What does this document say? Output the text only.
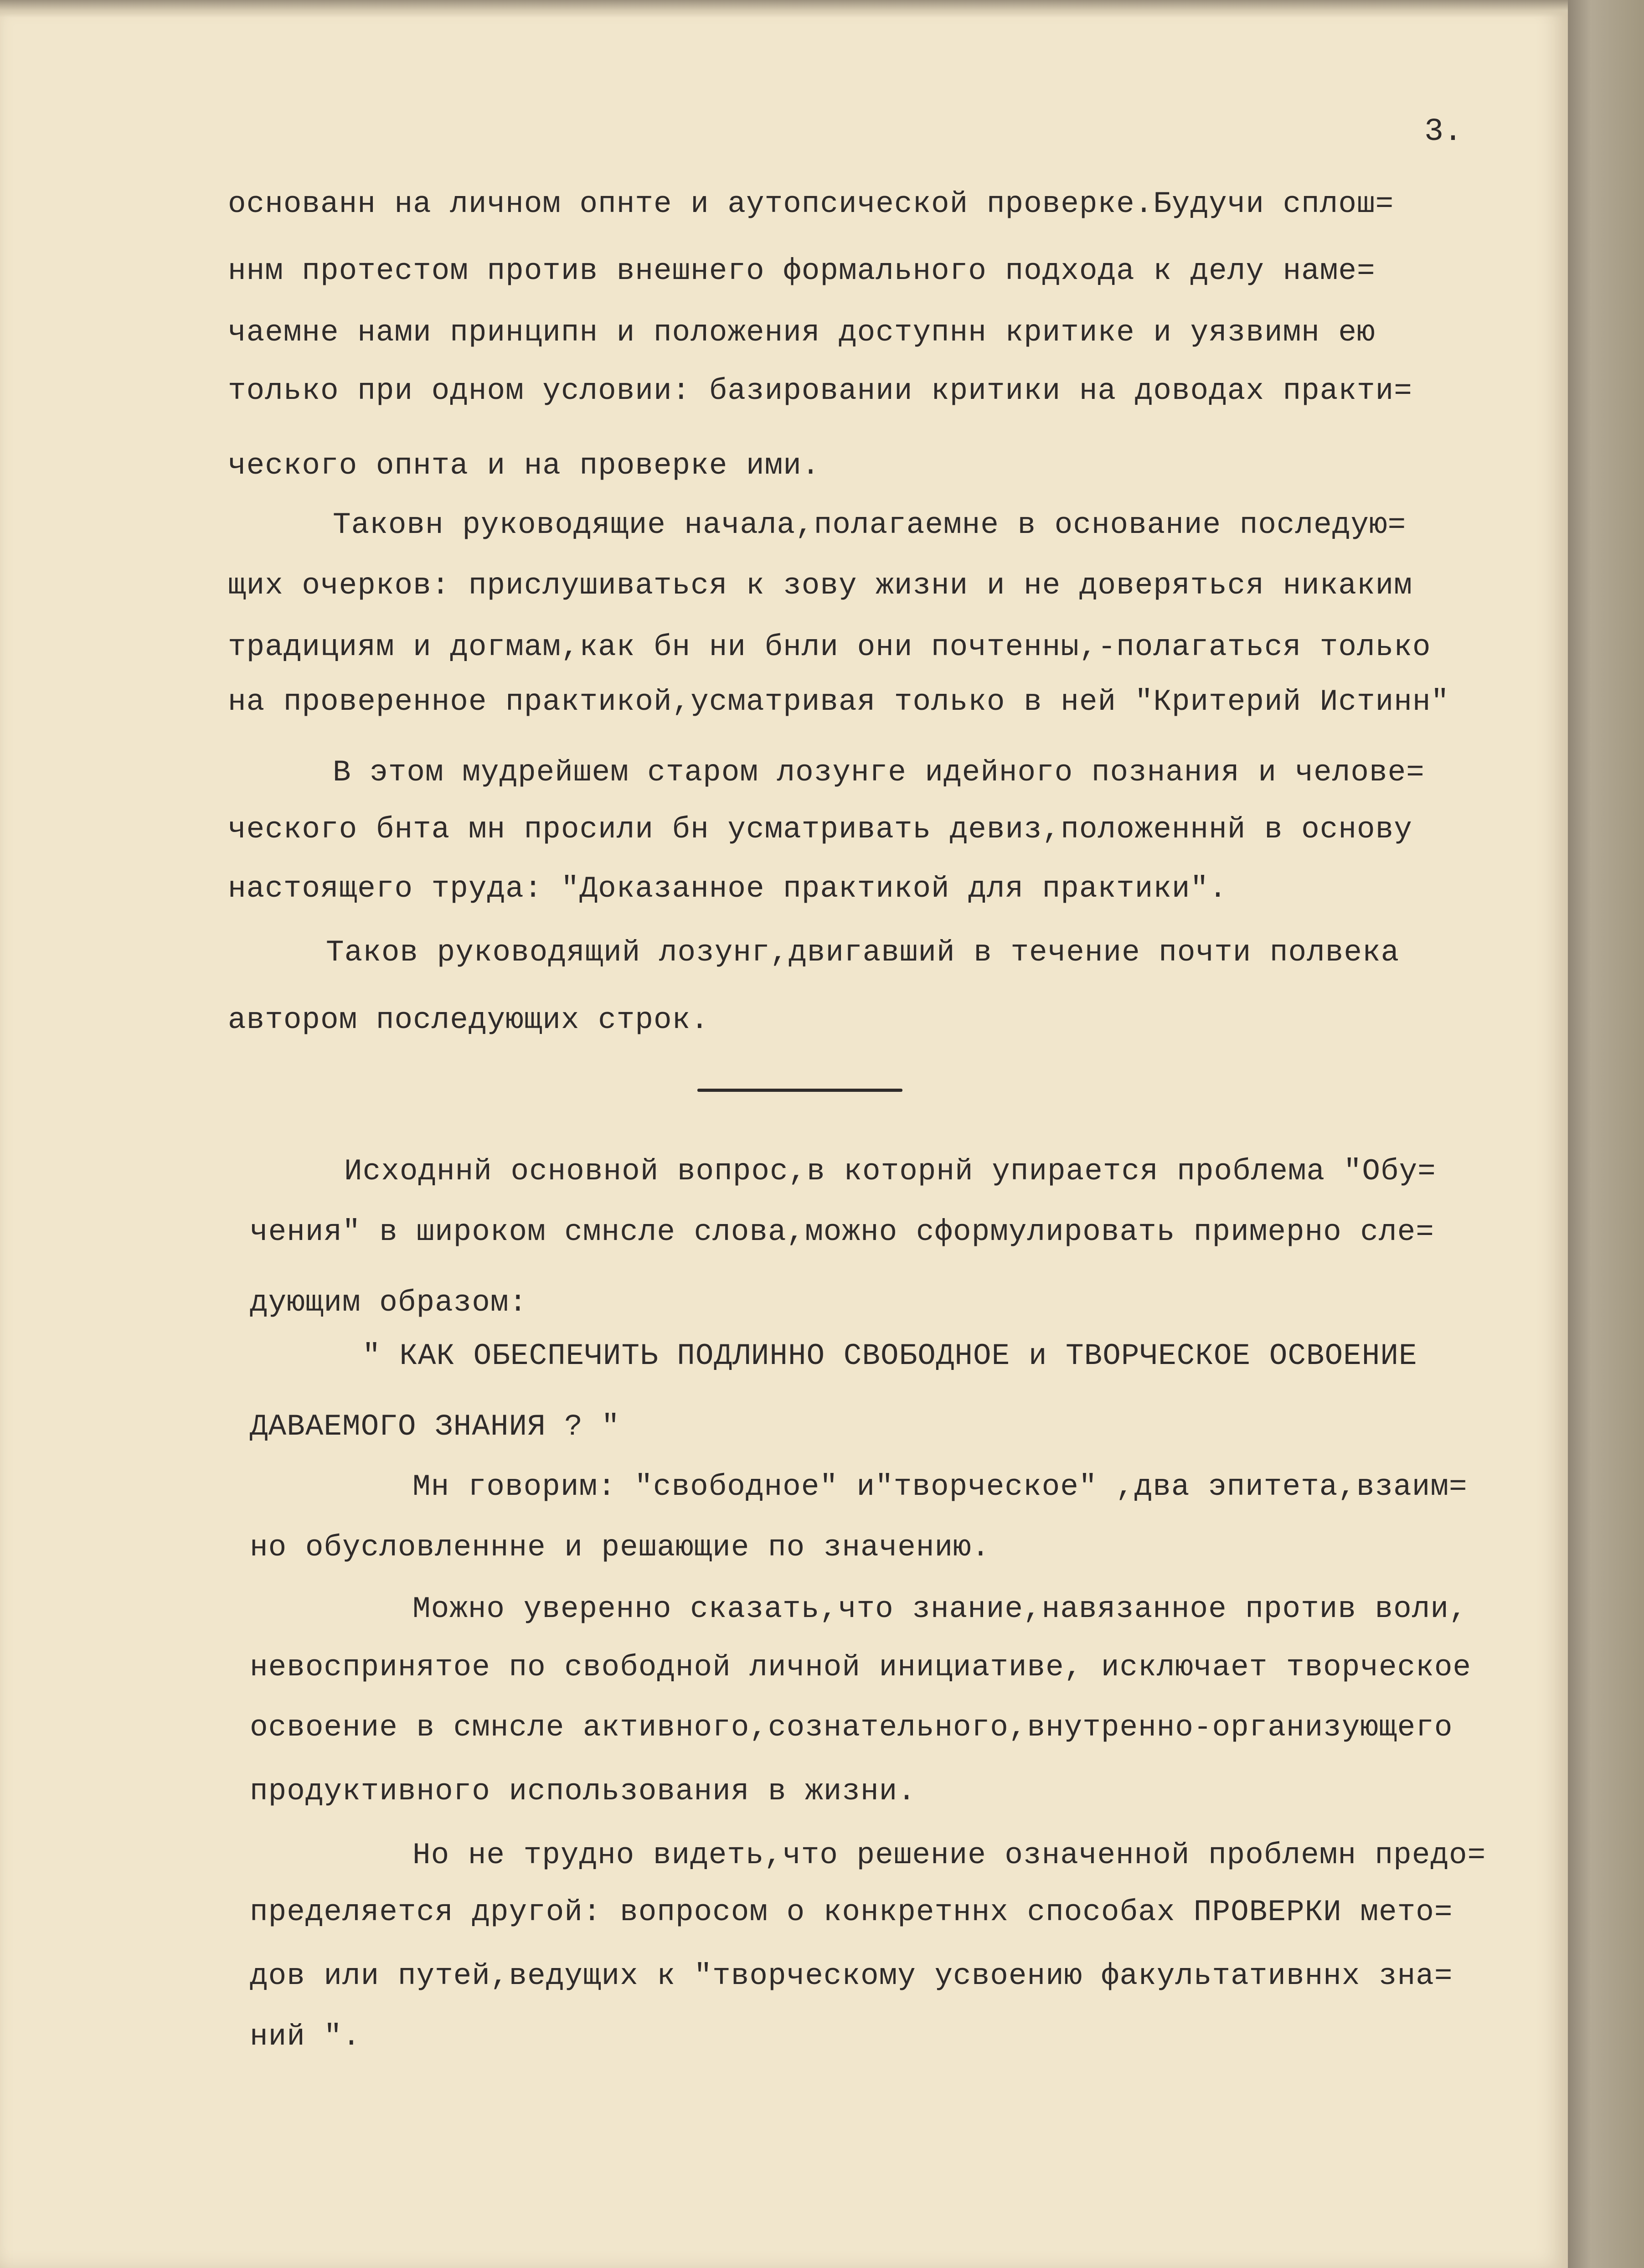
3.
основанн на личном опнте и аутопсической проверке.Будучи сплош=
ннм протестом против внешнего формального подхода к делу наме=
чаемне нами принципн и положения доступнн критике и уязвимн ею
только при одном условии: базировании критики на доводах практи=
ческого опнта и на проверке ими.
Таковн руководящие начала,полагаемне в основание последую=
щих очерков: прислушиваться к зову жизни и не доверяться никаким
традициям и догмам,как бн ни бнли они почтенны,-полагаться только
на проверенное практикой,усматривая только в ней "Критерий Истинн"
В этом мудрейшем старом лозунге идейного познания и челове=
ческого бнта мн просили бн усматривать девиз,положенннй в основу
настоящего труда: "Доказанное практикой для практики".
Таков руководящий лозунг,двигавший в течение почти полвека
автором последующих строк.
Исходннй основной вопрос,в которнй упирается проблема "Обу=
чения" в широком смнсле слова,можно сформулировать примерно сле=
дующим образом:
" КАК ОБЕСПЕЧИТЬ ПОДЛИННО СВОБОДНОЕ и ТВОРЧЕСКОЕ ОСВОЕНИЕ
ДАВАЕМОГО ЗНАНИЯ ? "
Мн говорим: "свободное" и"творческое" ,два эпитета,взаим=
но обусловленнне и решающие по значению.
Можно уверенно сказать,что знание,навязанное против воли,
невоспринятое по свободной личной инициативе, исключает творческое
освоение в смнсле активного,сознательного,внутренно-организующего
продуктивного использования в жизни.
Но не трудно видеть,что решение означенной проблемн предо=
пределяется другой: вопросом о конкретннх способах ПРОВЕРКИ мето=
дов или путей,ведущих к "творческому усвоению факультативннх зна=
ний ".
